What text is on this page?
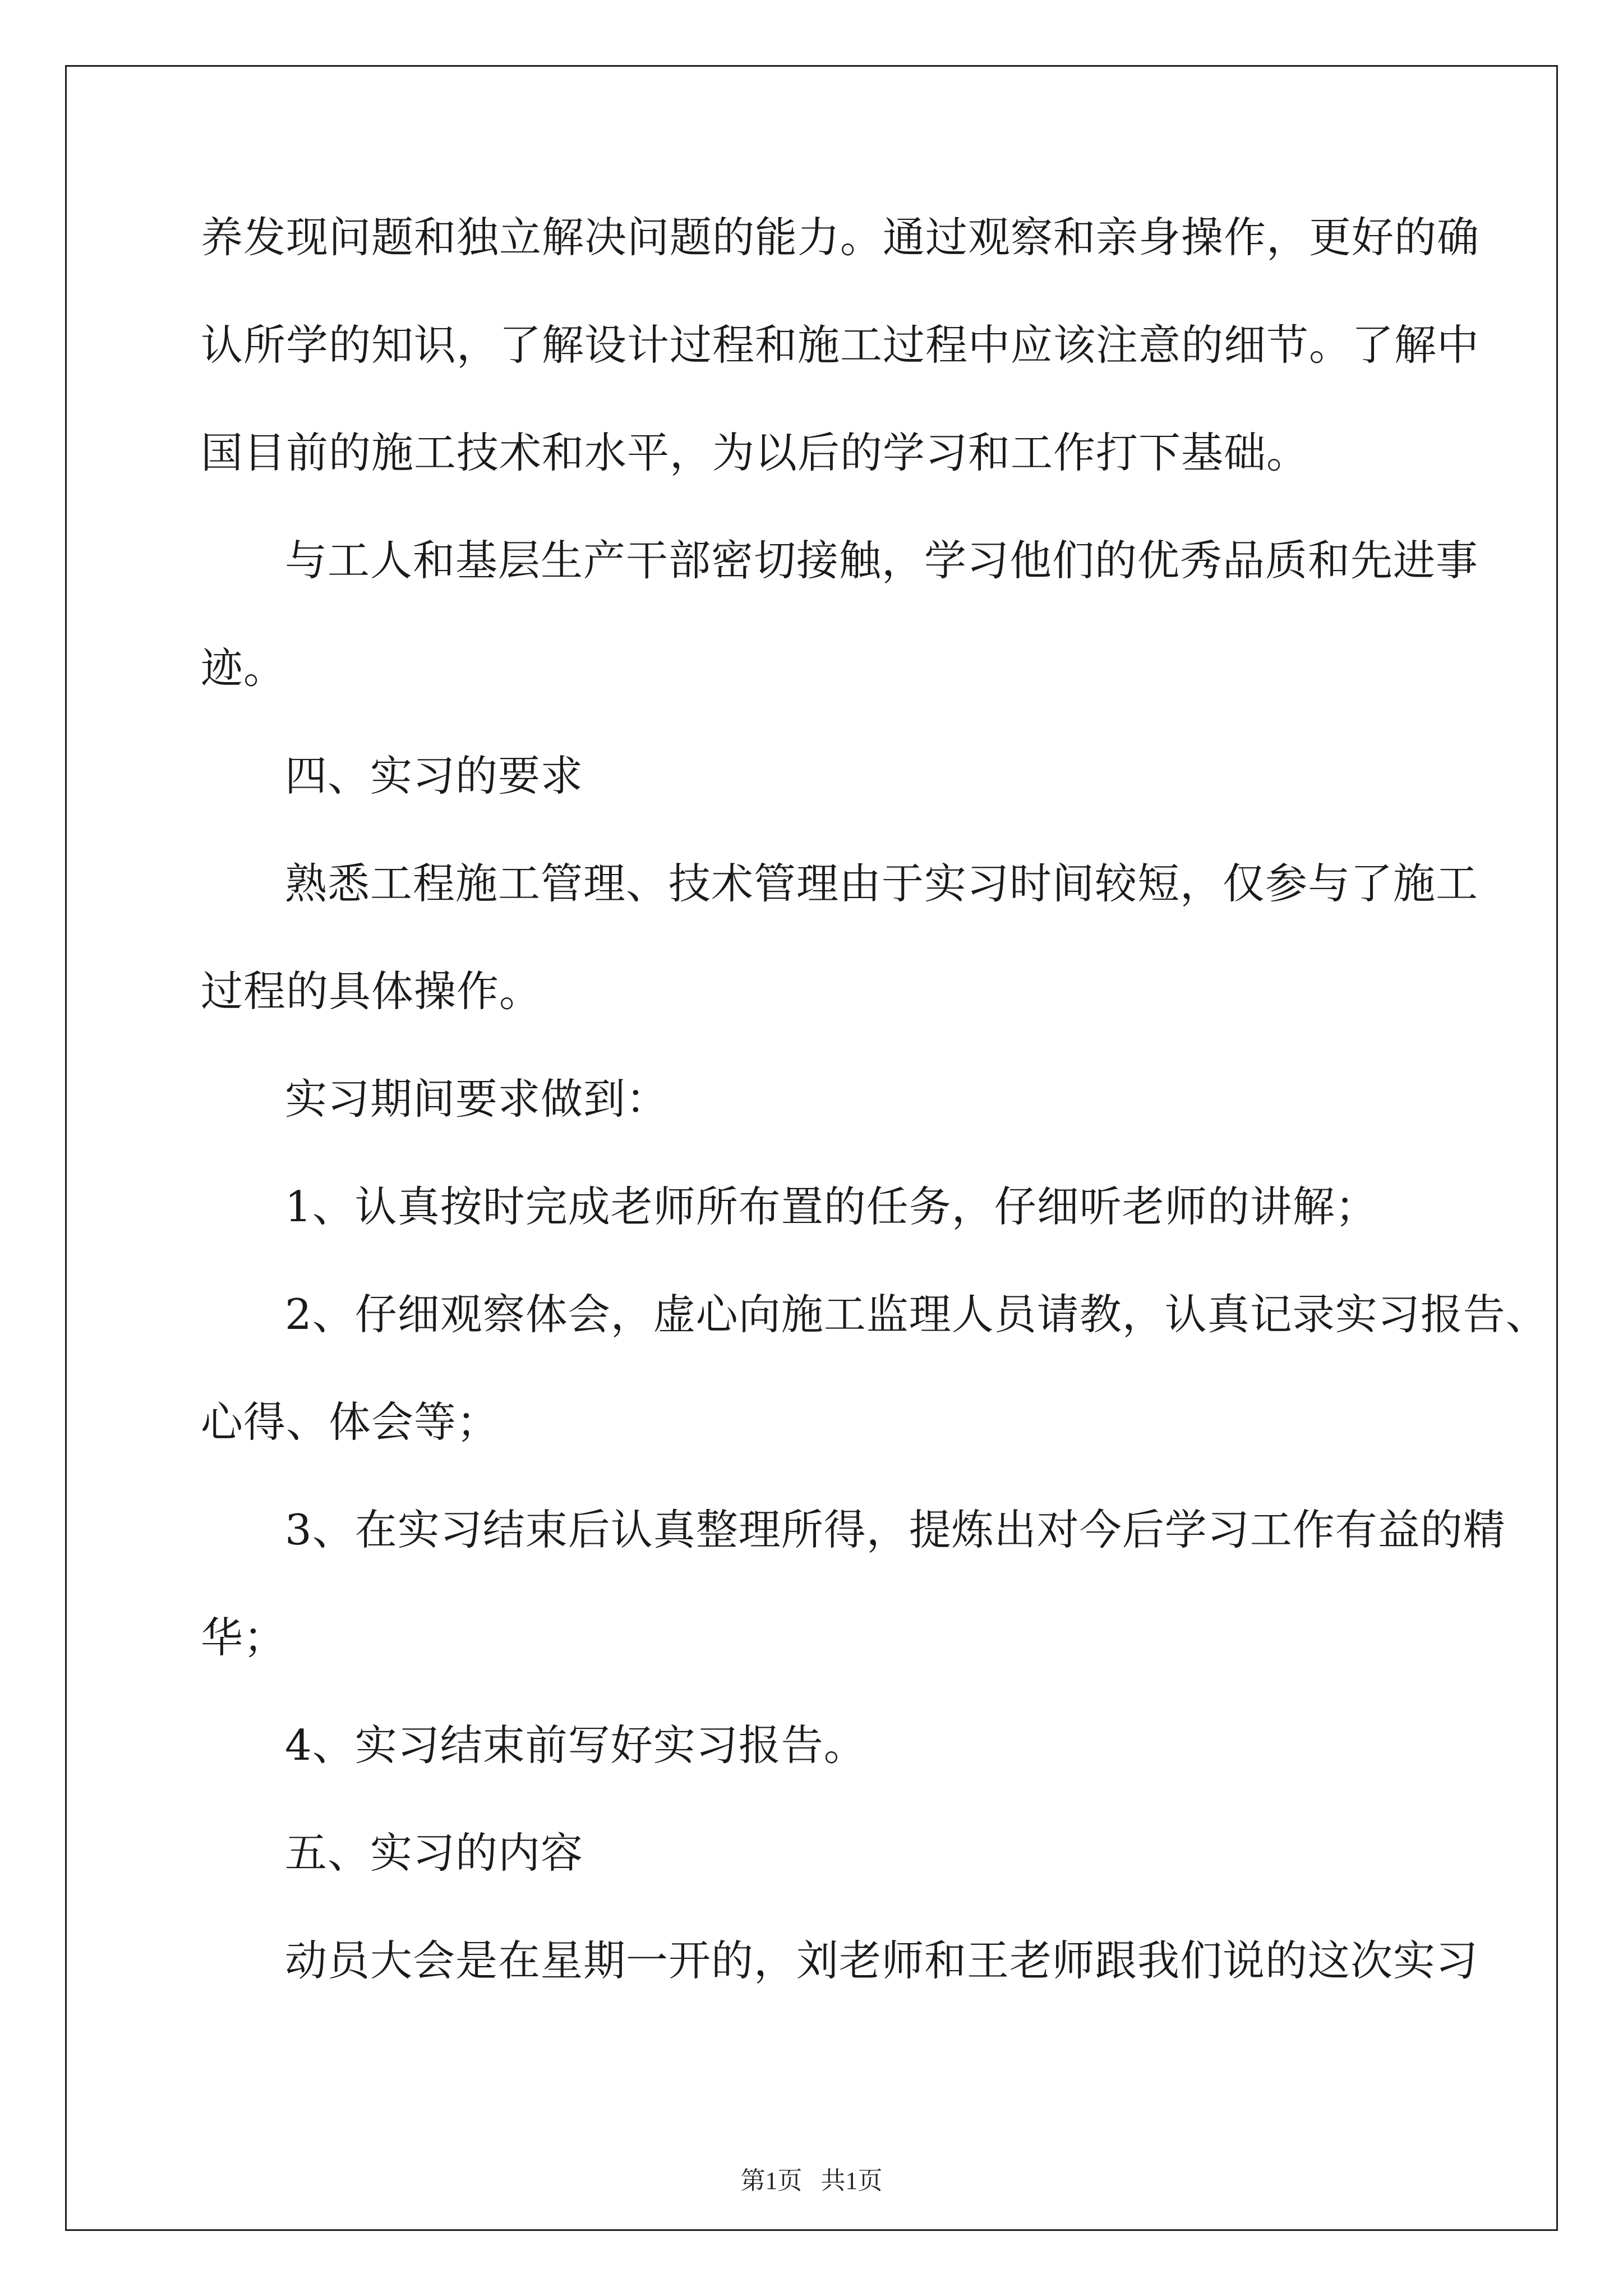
养发现问题和独立解决问题的能力。通过观察和亲身操作，更好的确
认所学的知识，了解设计过程和施工过程中应该注意的细节。了解中
国目前的施工技术和水平，为以后的学习和工作打下基础。
与工人和基层生产干部密切接触，学习他们的优秀品质和先进事
迹。
四、实习的要求
熟悉工程施工管理、技术管理由于实习时间较短，仅参与了施工
过程的具体操作。
实习期间要求做到：
1、认真按时完成老师所布置的任务，仔细听老师的讲解；
2、仔细观察体会，虚心向施工监理人员请教，认真记录实习报告、
心得、体会等；
3、在实习结束后认真整理所得，提炼出对今后学习工作有益的精
华；
4、实习结束前写好实习报告。
五、实习的内容
动员大会是在星期一开的，刘老师和王老师跟我们说的这次实习
第1页 共1页
